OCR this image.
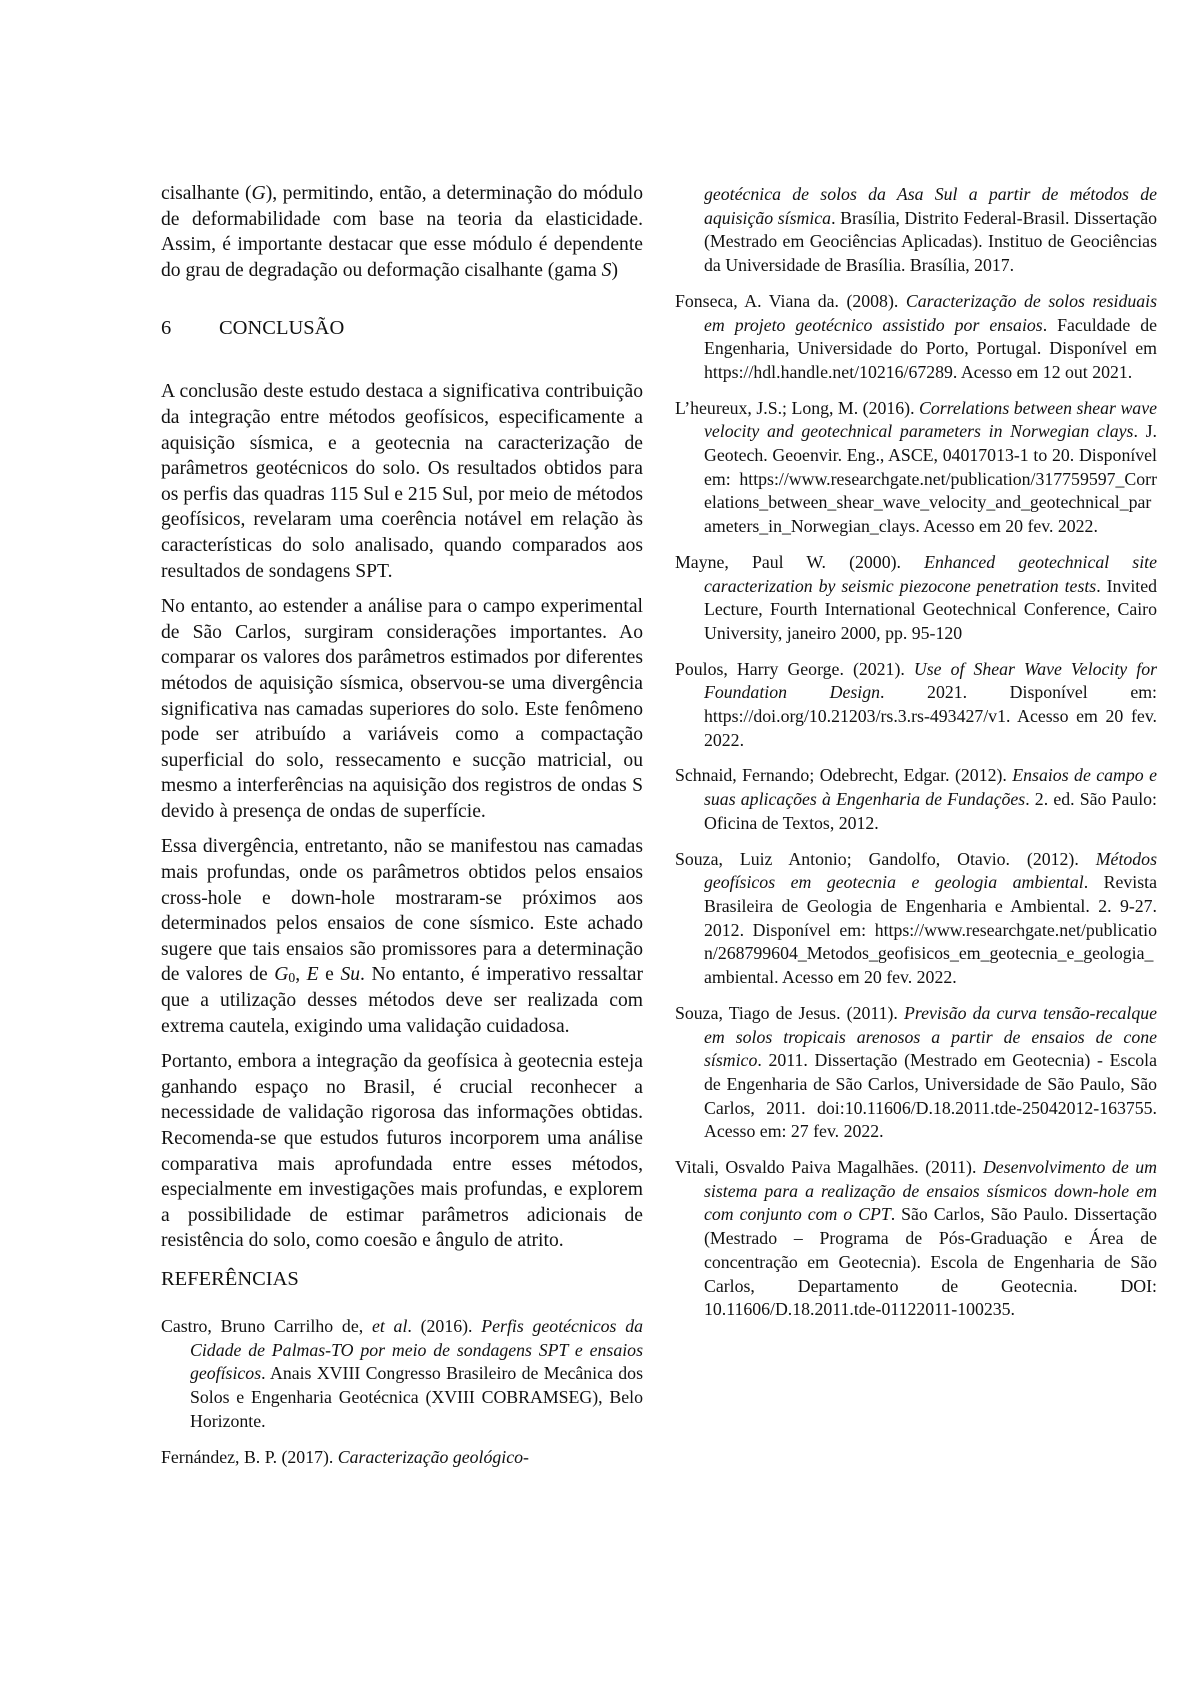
cisalhante (G), permitindo, então, a determinação do módulo de deformabilidade com base na teoria da elasticidade. Assim, é importante destacar que esse módulo é dependente do grau de degradação ou deformação cisalhante (gama S)

6 CONCLUSÃO

A conclusão deste estudo destaca a significativa contribuição da integração entre métodos geofísicos, especificamente a aquisição sísmica, e a geotecnia na caracterização de parâmetros geotécnicos do solo. Os resultados obtidos para os perfis das quadras 115 Sul e 215 Sul, por meio de métodos geofísicos, revelaram uma coerência notável em relação às características do solo analisado, quando comparados aos resultados de sondagens SPT.

No entanto, ao estender a análise para o campo experimental de São Carlos, surgiram considerações importantes. Ao comparar os valores dos parâmetros estimados por diferentes métodos de aquisição sísmica, observou-se uma divergência significativa nas camadas superiores do solo. Este fenômeno pode ser atribuído a variáveis como a compactação superficial do solo, ressecamento e sucção matricial, ou mesmo a interferências na aquisição dos registros de ondas S devido à presença de ondas de superfície.

Essa divergência, entretanto, não se manifestou nas camadas mais profundas, onde os parâmetros obtidos pelos ensaios cross-hole e down-hole mostraram-se próximos aos determinados pelos ensaios de cone sísmico. Este achado sugere que tais ensaios são promissores para a determinação de valores de $G_0$, E e Su. No entanto, é imperativo ressaltar que a utilização desses métodos deve ser realizada com extrema cautela, exigindo uma validação cuidadosa.

Portanto, embora a integração da geofísica à geotecnia esteja ganhando espaço no Brasil, é crucial reconhecer a necessidade de validação rigorosa das informações obtidas. Recomenda-se que estudos futuros incorporem uma análise comparativa mais aprofundada entre esses métodos, especialmente em investigações mais profundas, e explorem a possibilidade de estimar parâmetros adicionais de resistência do solo, como coesão e ângulo de atrito.

REFERÊNCIAS

Castro, Bruno Carrilho de, et al. (2016). Perfis geotécnicos da Cidade de Palmas-TO por meio de sondagens SPT e ensaios geofísicos. Anais XVIII Congresso Brasileiro de Mecânica dos Solos e Engenharia Geotécnica (XVIII COBRAMSEG), Belo Horizonte.

Fernández, B. P. (2017). Caracterização geológico-

geotécnica de solos da Asa Sul a partir de métodos de aquisição sísmica. Brasília, Distrito Federal-Brasil. Dissertação (Mestrado em Geociências Aplicadas). Instituo de Geociências da Universidade de Brasília. Brasília, 2017.

Fonseca, A. Viana da. (2008). Caracterização de solos residuais em projeto geotécnico assistido por ensaios. Faculdade de Engenharia, Universidade do Porto, Portugal. Disponível em https://hdl.handle.net/10216/67289. Acesso em 12 out 2021.

L’heureux, J.S.; Long, M. (2016). Correlations between shear wave velocity and geotechnical parameters in Norwegian clays. J. Geotech. Geoenvir. Eng., ASCE, 04017013-1 to 20. Disponível em: https://www.researchgate.net/publication/317759597_Correlations_between_shear_wave_velocity_and_geotechnical_parameters_in_Norwegian_clays. Acesso em 20 fev. 2022.

Mayne, Paul W. (2000). Enhanced geotechnical site caracterization by seismic piezocone penetration tests. Invited Lecture, Fourth International Geotechnical Conference, Cairo University, janeiro 2000, pp. 95-120

Poulos, Harry George. (2021). Use of Shear Wave Velocity for Foundation Design. 2021. Disponível em: https://doi.org/10.21203/rs.3.rs-493427/v1. Acesso em 20 fev. 2022.

Schnaid, Fernando; Odebrecht, Edgar. (2012). Ensaios de campo e suas aplicações à Engenharia de Fundações. 2. ed. São Paulo: Oficina de Textos, 2012.

Souza, Luiz Antonio; Gandolfo, Otavio. (2012). Métodos geofísicos em geotecnia e geologia ambiental. Revista Brasileira de Geologia de Engenharia e Ambiental. 2. 9-27. 2012. Disponível em: https://www.researchgate.net/publication/268799604_Metodos_geofisicos_em_geotecnia_e_geologia_ambiental. Acesso em 20 fev. 2022.

Souza, Tiago de Jesus. (2011). Previsão da curva tensão-recalque em solos tropicais arenosos a partir de ensaios de cone sísmico. 2011. Dissertação (Mestrado em Geotecnia) - Escola de Engenharia de São Carlos, Universidade de São Paulo, São Carlos, 2011. doi:10.11606/D.18.2011.tde-25042012-163755. Acesso em: 27 fev. 2022.

Vitali, Osvaldo Paiva Magalhães. (2011). Desenvolvimento de um sistema para a realização de ensaios sísmicos down-hole em com conjunto com o CPT. São Carlos, São Paulo. Dissertação (Mestrado – Programa de Pós-Graduação e Área de concentração em Geotecnia). Escola de Engenharia de São Carlos, Departamento de Geotecnia. DOI: 10.11606/D.18.2011.tde-01122011-100235.
